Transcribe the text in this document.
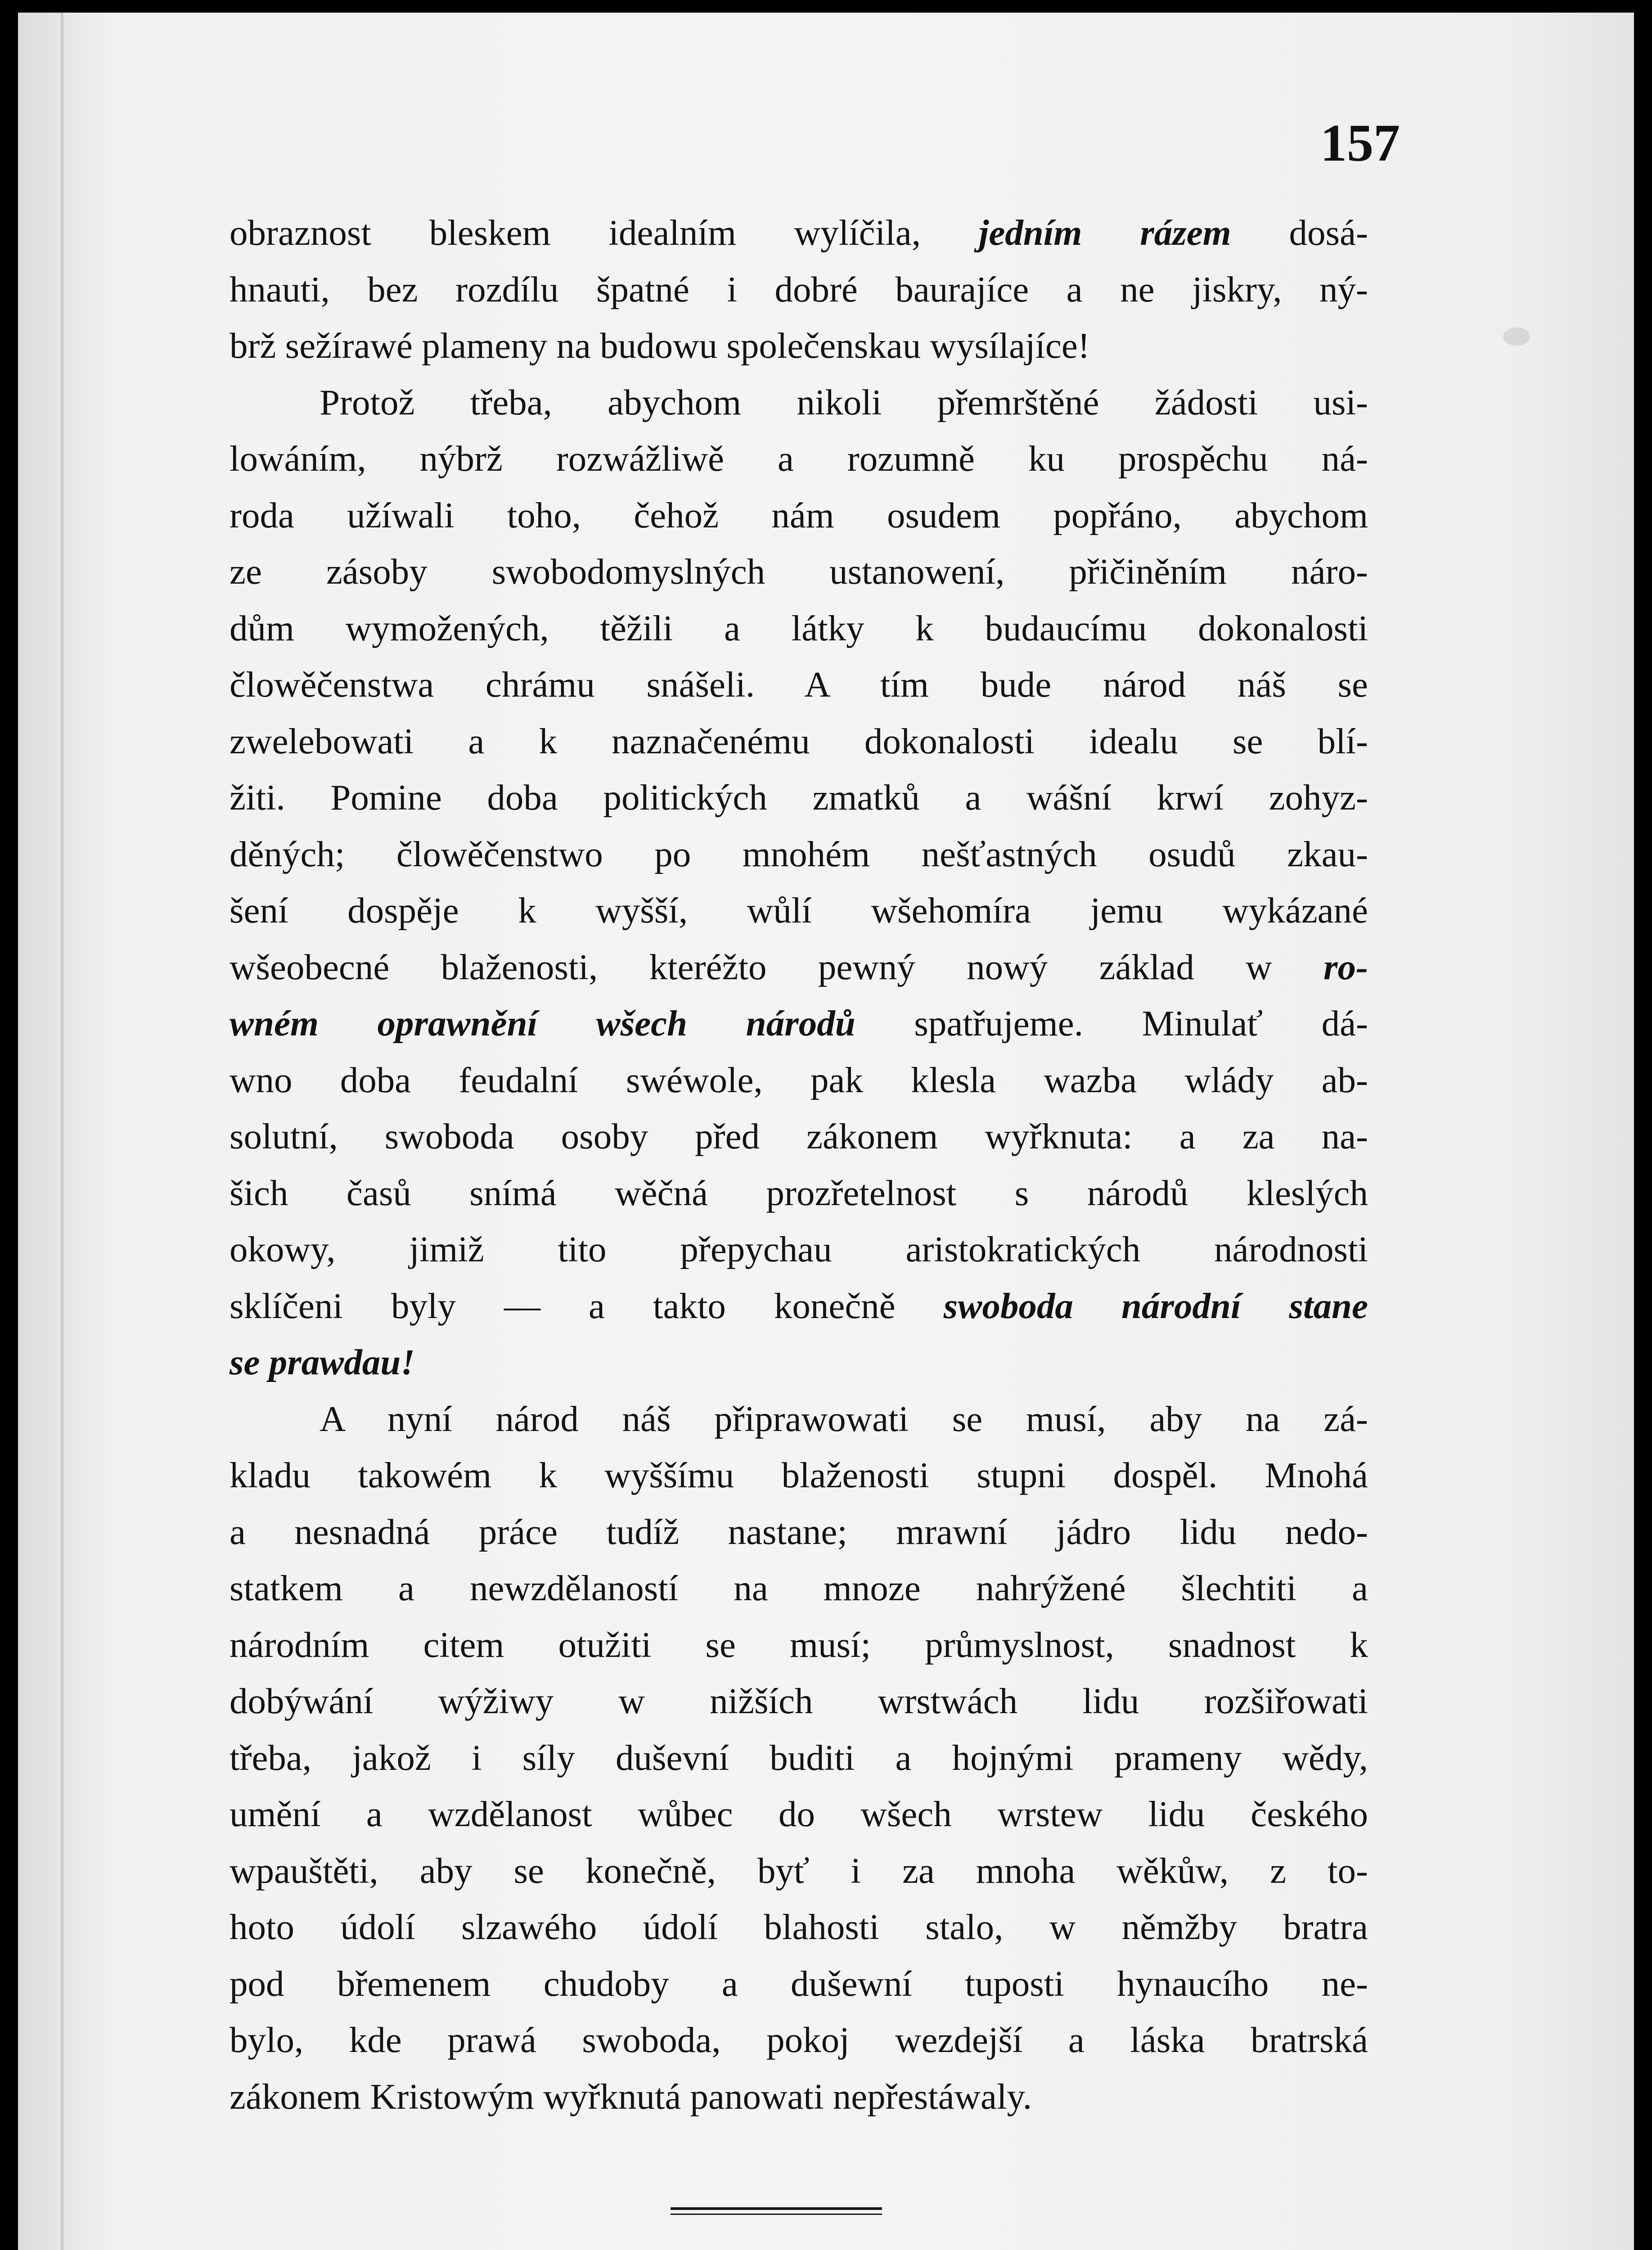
157

obraznost bleskem idealním wylíčila, jedním rázem dosá-
hnauti, bez rozdílu špatné i dobré baurajíce a ne jiskry, ný-
brž sežírawé plameny na budowu společenskau wysílajíce!
Protož třeba, abychom nikoli přemrštěné žádosti usi-
lowáním, nýbrž rozwážliwě a rozumně ku prospěchu ná-
roda užíwali toho, čehož nám osudem popřáno, abychom
ze zásoby swobodomyslných ustanowení, přičiněním náro-
dům wymožených, těžili a látky k budaucímu dokonalosti
člowěčenstwa chrámu snášeli. A tím bude národ náš se
zwelebowati a k naznačenému dokonalosti idealu se blí-
žiti. Pomine doba politických zmatků a wášní krwí zohyz-
děných; člowěčenstwo po mnohém nešťastných osudů zkau-
šení dospěje k wyšší, wůlí wšehomíra jemu wykázané
wšeobecné blaženosti, kteréžto pewný nowý základ w ro-
wném oprawnění wšech národů spatřujeme. Minulať dá-
wno doba feudalní swéwole, pak klesla wazba wlády ab-
solutní, swoboda osoby před zákonem wyřknuta: a za na-
šich časů snímá wěčná prozřetelnost s národů kleslých
okowy, jimiž tito přepychau aristokratických národnosti
sklíčeni byly — a takto konečně swoboda národní stane
se prawdau!
A nyní národ náš připrawowati se musí, aby na zá-
kladu takowém k wyššímu blaženosti stupni dospěl. Mnohá
a nesnadná práce tudíž nastane; mrawní jádro lidu nedo-
statkem a newzdělaností na mnoze nahrýžené šlechtiti a
národním citem otužiti se musí; průmyslnost, snadnost k
dobýwání wýžiwy w nižších wrstwách lidu rozšiřowati
třeba, jakož i síly duševní buditi a hojnými prameny wědy,
umění a wzdělanost wůbec do wšech wrstew lidu českého
wpauštěti, aby se konečně, byť i za mnoha wěkůw, z to-
hoto údolí slzawého údolí blahosti stalo, w němžby bratra
pod břemenem chudoby a dušewní tuposti hynaucího ne-
bylo, kde prawá swoboda, pokoj wezdejší a láska bratrská
zákonem Kristowým wyřknutá panowati nepřestáwaly.
